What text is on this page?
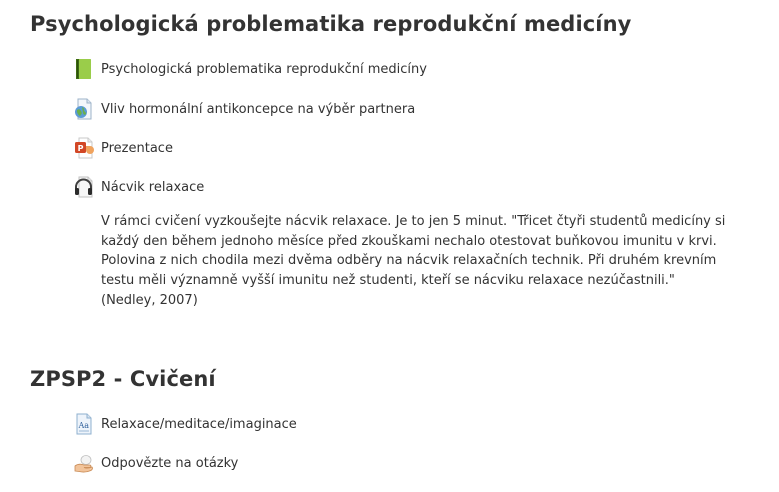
Psychologická problematika reprodukční medicíny
Psychologická problematika reprodukční medicíny
Vliv hormonální antikoncepce na výběr partnera
P Prezentace
Nácvik relaxace

V rámci cvičení vyzkoušejte nácvik relaxace. Je to jen 5 minut. "Třicet čtyři studentů medicíny si každý den během jednoho měsíce před zkouškami nechalo otestovat buňkovou imunitu v krvi. Polovina z nich chodila mezi dvěma odběry na nácvik relaxačních technik. Při druhém krevním testu měli významně vyšší imunitu než studenti, kteří se nácviku relaxace nezúčastnili."(Nedley, 2007)

ZPSP2 - Cvičení
Aa Relaxace/meditace/imaginace
Odpovězte na otázky
